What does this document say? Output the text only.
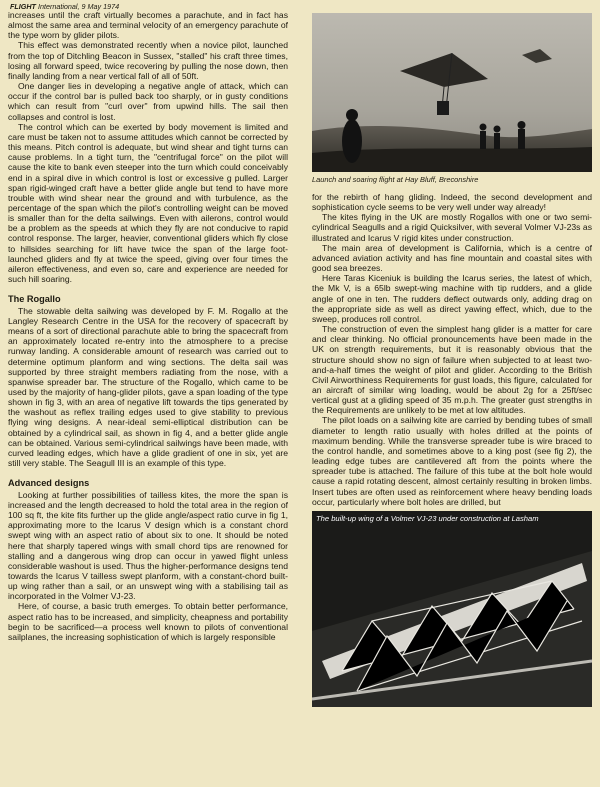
FLIGHT International, 9 May 1974

increases until the craft virtually becomes a parachute, and in fact has almost the same area and terminal velocity of an emergency parachute of the type worn by glider pilots.

This effect was demonstrated recently when a novice pilot, launched from the top of Ditchling Beacon in Sussex, "stalled" his craft three times, losing all forward speed, twice recovering by pulling the nose down, then finally landing from a near vertical fall of all of 50ft.

One danger lies in developing a negative angle of attack, which can occur if the control bar is pulled back too sharply, or in gusty conditions which can result from "curl over" from upwind hills. The sail then collapses and control is lost.

The control which can be exerted by body movement is limited and care must be taken not to assume attitudes which cannot be corrected by this means. Pitch control is adequate, but wind shear and tight turns can cause problems. In a tight turn, the "centrifugal force" on the pilot will cause the kite to bank even steeper into the turn which could conceivably end in a spiral dive in which control is lost or excessive g pulled. Larger span rigid-winged craft have a better glide angle but tend to have more trouble with wind shear near the ground and with turbulence, as the percentage of the span which the pilot's controlling weight can be moved is smaller than for the delta sailwings. Even with ailerons, control would be a problem as the speeds at which they fly are not conducive to rapid control response. The larger, heavier, conventional gliders which fly close to hillsides searching for lift have twice the span of the large foot-launched gliders and fly at twice the speed, giving over four times the aileron effectiveness, and even so, care and experience are needed for such hill soaring.

The Rogallo

The stowable delta sailwing was developed by F. M. Rogallo at the Langley Research Centre in the USA for the recovery of spacecraft by means of a sort of directional parachute able to bring the spacecraft from an approximately located re-entry into the atmosphere to a precise runway landing. A considerable amount of research was carried out to determine optimum planform and wing sections. The delta sail was supported by three straight members radiating from the nose, with a spanwise spreader bar. The structure of the Rogallo, which came to be used by the majority of hang-glider pilots, gave a span loading of the type shown in fig 3, with an area of negative lift towards the tips generated by the washout as reflex trailing edges used to give stability to previous flying wing designs. A near-ideal semi-elliptical distribution can be obtained by a cylindrical sail, as shown in fig 4, and a better glide angle can be obtained. Various semi-cylindrical sailwings have been made, with curved leading edges, which have a glide gradient of one in six, yet are still very stable. The Seagull III is an example of this type.

Advanced designs

Looking at further possibilities of tailless kites, the more the span is increased and the length decreased to hold the total area in the region of 100 sq ft, the kite fits further up the glide angle/aspect ratio curve in fig 1, approximating more to the Icarus V design which is a constant chord swept wing with an aspect ratio of about six to one. It should be noted here that sharply tapered wings with small chord tips are renowned for stalling and a dangerous wing drop can occur in yawed flight unless considerable washout is used. Thus the higher-performance designs tend towards the Icarus V tailless swept planform, with a constant-chord built-up wing rather than a sail, or an unswept wing with a stabilising tail as incorporated in the Volmer VJ-23.

Here, of course, a basic truth emerges. To obtain better performance, aspect ratio has to be increased, and simplicity, cheapness and portability begin to be sacrificed—a process well known to pilots of conventional sailplanes, the increasing sophistication of which is largely responsible

Launch and soaring flight at Hay Bluff, Breconshire

for the rebirth of hang gliding. Indeed, the second development and sophistication cycle seems to be very well under way already!

The kites flying in the UK are mostly Rogallos with one or two semi-cylindrical Seagulls and a rigid Quicksilver, with several Volmer VJ-23s as illustrated and Icarus V rigid kites under construction.

The main area of development is California, which is a centre of advanced aviation activity and has fine mountain and coastal sites with good sea breezes.

Here Taras Kiceniuk is building the Icarus series, the latest of which, the Mk V, is a 65lb swept-wing machine with tip rudders, and a glide angle of one in ten. The rudders deflect outwards only, adding drag on the appropriate side as well as direct yawing effect, which, due to the sweep, produces roll control.

The construction of even the simplest hang glider is a matter for care and clear thinking. No official pronouncements have been made in the UK on strength requirements, but it is reasonably obvious that the structure should show no sign of failure when subjected to at least two-and-a-half times the weight of pilot and glider. According to the British Civil Airworthiness Requirements for gust loads, this figure, calculated for an aircraft of similar wing loading, would be about 2g for a 25ft/sec vertical gust at a gliding speed of 35 m.p.h. The greater gust strengths in the Requirements are unlikely to be met at low altitudes.

The pilot loads on a sailwing kite are carried by bending tubes of small diameter to length ratio usually with holes drilled at the points of maximum bending. While the transverse spreader tube is wire braced to the control handle, and sometimes above to a king post (see fig 2), the leading edge tubes are cantilevered aft from the points where the spreader tube is attached. The failure of this tube at the bolt hole would cause a rapid rotating descent, almost certainly resulting in broken limbs. Insert tubes are often used as reinforcement where heavy bending loads occur, particularly where bolt holes are drilled, but

The built-up wing of a Volmer VJ-23 under construction at Lasham
